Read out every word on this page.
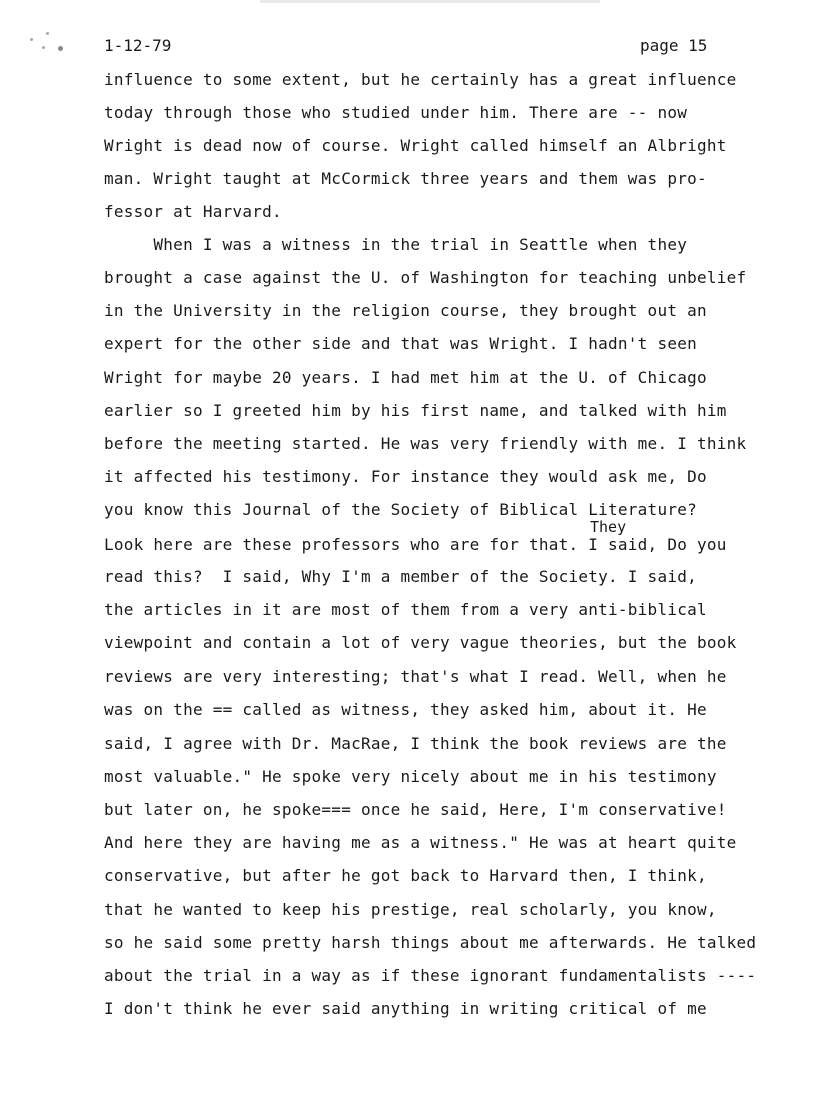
1-12-79	page 15
They
influence to some extent, but he certainly has a great influence
today through those who studied under him. There are -- now
Wright is dead now of course. Wright called himself an Albright
man. Wright taught at McCormick three years and them was pro-
fessor at Harvard.
When I was a witness in the trial in Seattle when they
brought a case against the U. of Washington for teaching unbelief
in the University in the religion course, they brought out an
expert for the other side and that was Wright. I hadn't seen
Wright for maybe 20 years. I had met him at the U. of Chicago
earlier so I greeted him by his first name, and talked with him
before the meeting started. He was very friendly with me. I think
it affected his testimony. For instance they would ask me, Do
you know this Journal of the Society of Biblical Literature?
Look here are these professors who are for that. I said, Do you
read this?  I said, Why I'm a member of the Society. I said,
the articles in it are most of them from a very anti-biblical
reviews are very interesting; that's what I read. Well, when he
viewpoint and contain a lot of very vague theories, but the book
was on the == called as witness, they asked him, about it. He
said, I agree with Dr. MacRae, I think the book reviews are the
most valuable." He spoke very nicely about me in his testimony
but later on, he spoke=== once he said, Here, I'm conservative!
And here they are having me as a witness." He was at heart quite
conservative, but after he got back to Harvard then, I think,
that he wanted to keep his prestige, real scholarly, you know,
so he said some pretty harsh things about me afterwards. He talked
about the trial in a way as if these ignorant fundamentalists ----
I don't think he ever said anything in writing critical of me
